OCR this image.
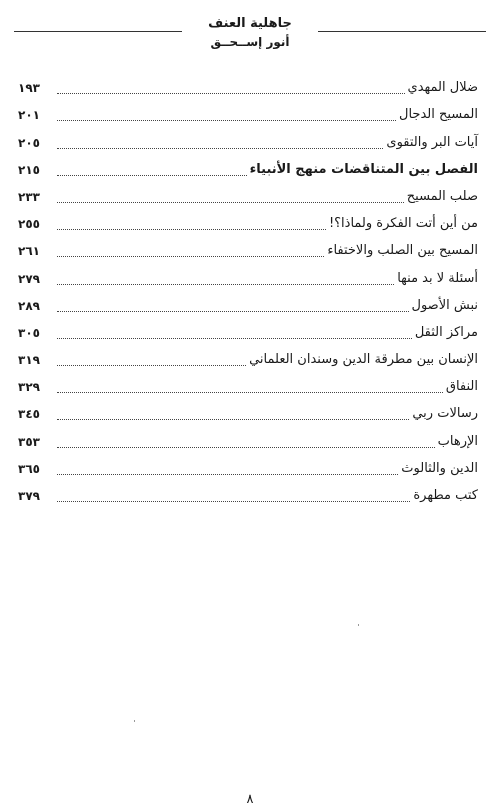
جاهلية العنف
أنور إســحــق
ضلال المهدي
١٩٣
المسيح الدجال
٢٠١
آيات البر والتقوى
٢٠٥
الفصل بين المتناقضات منهج الأنبياء
٢١٥
صلب المسيح
٢٣٣
من أين أتت الفكرة ولماذا؟!
٢٥٥
المسيح بين الصلب والاختفاء
٢٦١
أسئلة لا بد منها
٢٧٩
نبش الأصول
٢٨٩
مراكز الثقل
٣٠٥
الإنسان بين مطرقة الدين وسندان العلماني
٣١٩
النفاق
٣٢٩
رسالات ربي
٣٤٥
الإرهاب
٣٥٣
الدين والثالوث
٣٦٥
كتب مطهرة
٣٧٩
٨
